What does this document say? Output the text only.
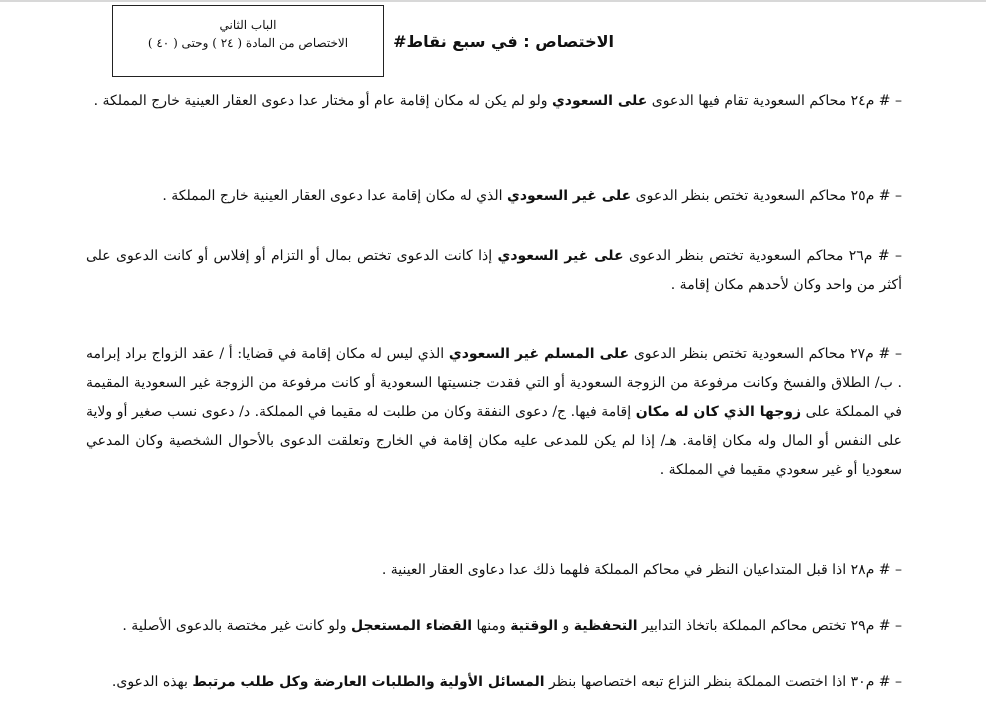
الباب الثاني
الاختصاص من المادة ( ٢٤ ) وحتى ( ٤٠ )	الاختصاص : في سبع نقاط#
– # م٢٤ محاكم السعودية تقام فيها الدعوى على السعودي ولو لم يكن له مكان إقامة عام أو مختار عدا دعوى العقار العينية خارج المملكة .
– # م٢٥ محاكم السعودية تختص بنظر الدعوى على غير السعودي الذي له مكان إقامة عدا دعوى العقار العينية خارج المملكة .
– # م٢٦ محاكم السعودية تختص بنظر الدعوى على غير السعودي إذا كانت الدعوى تختص بمال أو التزام أو إفلاس أو كانت الدعوى على أكثر من واحد وكان لأحدهم مكان إقامة .
– # م٢٧ محاكم السعودية تختص بنظر الدعوى على المسلم غير السعودي الذي ليس له مكان إقامة في قضايا: أ / عقد الزواج براد إبرامه . ب/ الطلاق والفسخ وكانت مرفوعة من الزوجة السعودية أو التي فقدت جنسيتها السعودية أو كانت مرفوعة من الزوجة غير السعودية المقيمة في المملكة على زوجها الذي كان له مكان إقامة فيها. ج/ دعوى النفقة وكان من طلبت له مقيما في المملكة. د/ دعوى نسب صغير أو ولاية على النفس أو المال وله مكان إقامة. هـ/ إذا لم يكن للمدعى عليه مكان إقامة في الخارج وتعلقت الدعوى بالأحوال الشخصية وكان المدعي سعوديا أو غير سعودي مقيما في المملكة .
– # م٢٨ اذا قبل المتداعيان النظر في محاكم المملكة فلهما ذلك عدا دعاوى العقار العينية .
– # م٢٩ تختص محاكم المملكة باتخاذ التدابير التحفظية و الوقتية ومنها القضاء المستعجل ولو كانت غير مختصة بالدعوى الأصلية .
– # م٣٠ اذا اختصت المملكة بنظر النزاع تبعه اختصاصها بنظر المسائل الأولية والطلبات العارضة وكل طلب مرتبط بهذه الدعوى.
